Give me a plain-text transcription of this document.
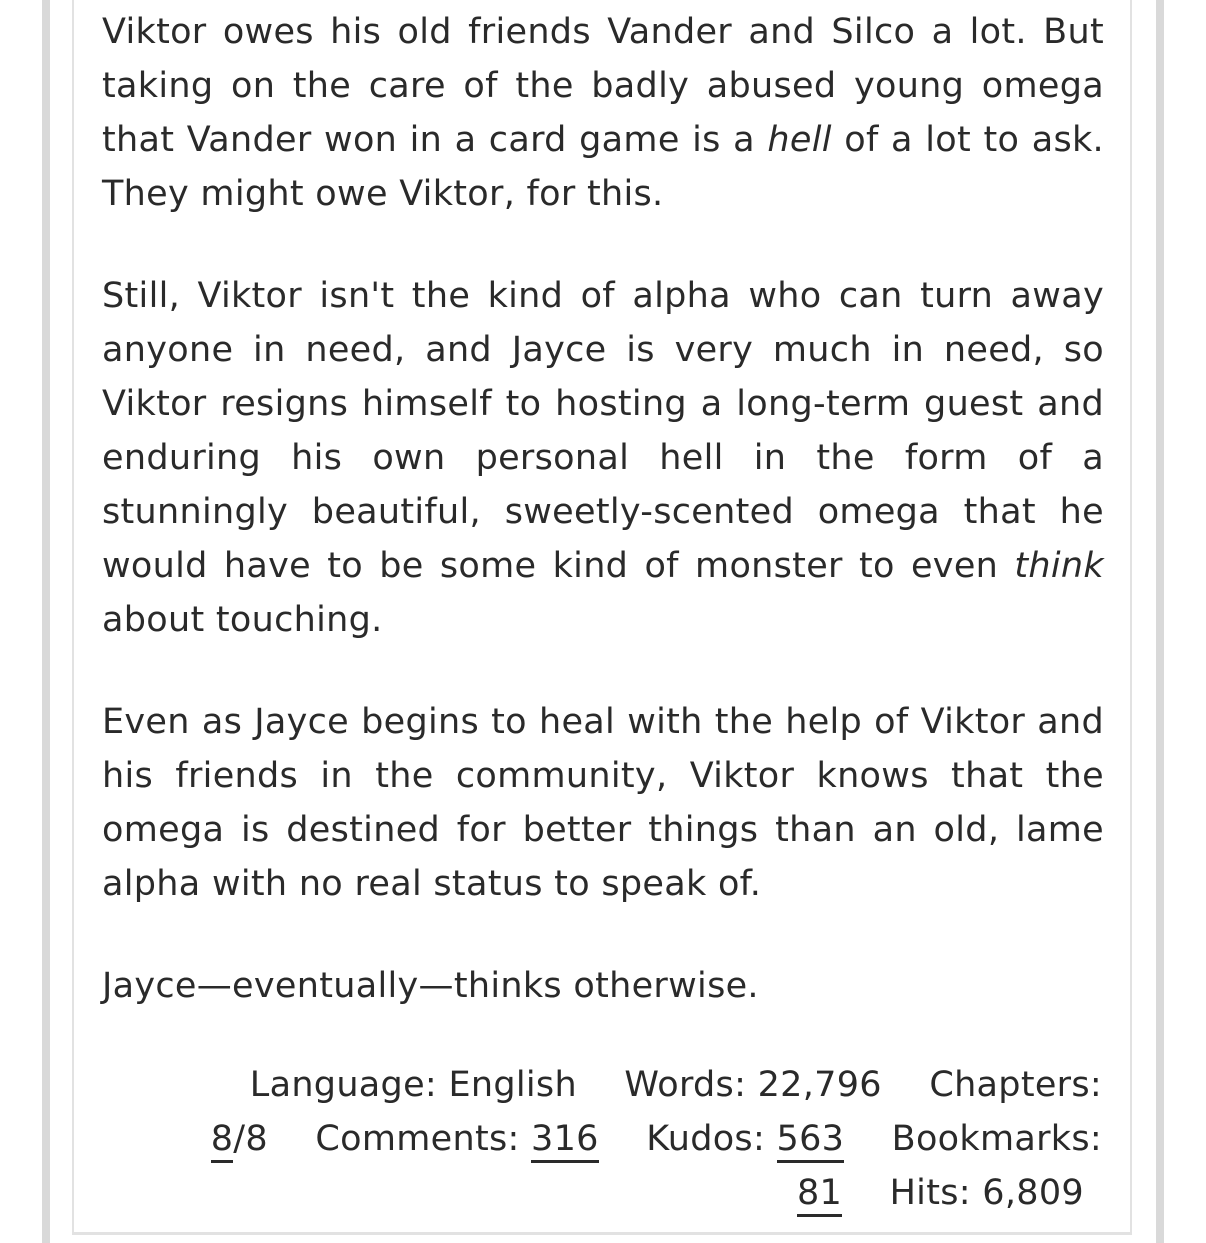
Viktor owes his old friends Vander and Silco a lot. But taking on the care of the badly abused young omega that Vander won in a card game is a hell of a lot to ask. They might owe Viktor, for this.

Still, Viktor isn't the kind of alpha who can turn away anyone in need, and Jayce is very much in need, so Viktor resigns himself to hosting a long-term guest and enduring his own personal hell in the form of a stunningly beautiful, sweetly-scented omega that he would have to be some kind of monster to even think about touching.

Even as Jayce begins to heal with the help of Viktor and his friends in the community, Viktor knows that the omega is destined for better things than an old, lame alpha with no real status to speak of.

Jayce—eventually—thinks otherwise.

Language: English Words: 22,796 Chapters:
8/8 Comments: 316 Kudos: 563 Bookmarks:
81 Hits: 6,809
